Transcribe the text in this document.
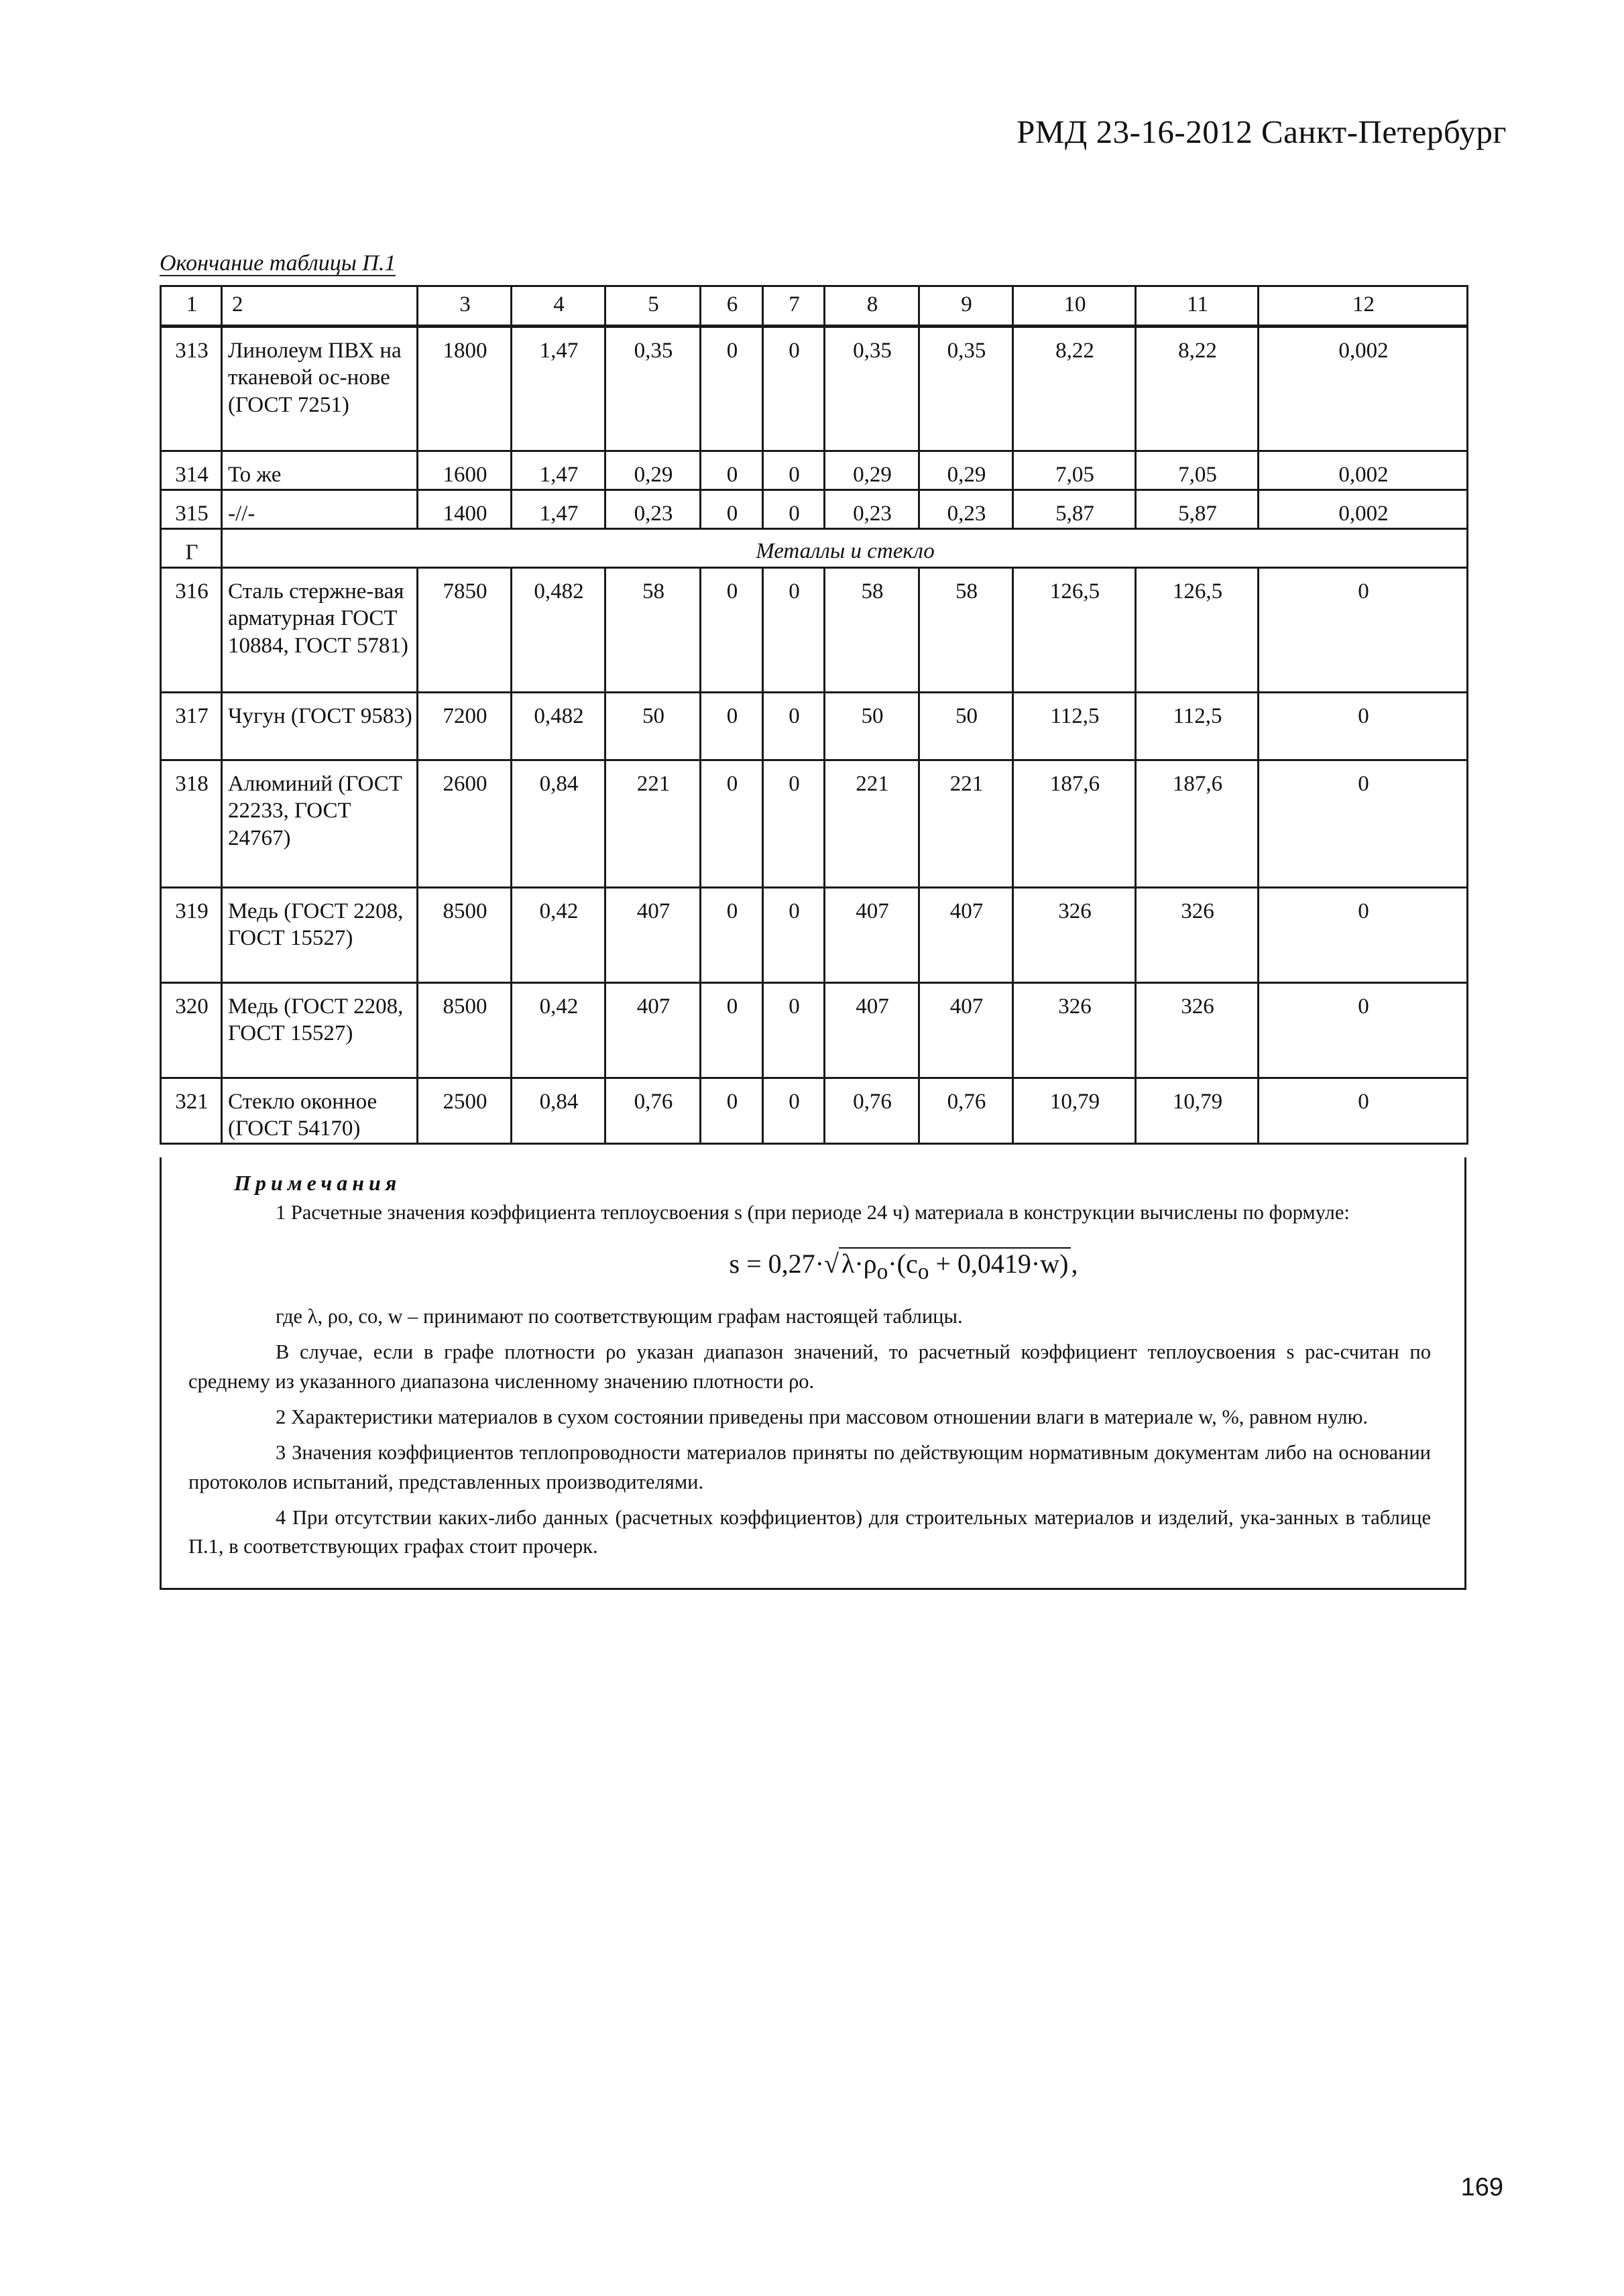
РМД 23-16-2012 Санкт-Петербург
Окончание таблицы П.1
1	2	3	4	5	6	7	8	9	10	11	12
313	Линолеум ПВХ на тканевой ос-нове (ГОСТ 7251)	1800	1,47	0,35	0	0	0,35	0,35	8,22	8,22	0,002
314	То же	1600	1,47	0,29	0	0	0,29	0,29	7,05	7,05	0,002
315	-//-	1400	1,47	0,23	0	0	0,23	0,23	5,87	5,87	0,002
Г	Металлы и стекло										
316	Сталь стержне-вая арматурная ГОСТ 10884, ГОСТ 5781)	7850	0,482	58	0	0	58	58	126,5	126,5	0
317	Чугун (ГОСТ 9583)	7200	0,482	50	0	0	50	50	112,5	112,5	0
318	Алюминий (ГОСТ 22233, ГОСТ 24767)	2600	0,84	221	0	0	221	221	187,6	187,6	0
319	Медь (ГОСТ 2208, ГОСТ 15527)	8500	0,42	407	0	0	407	407	326	326	0
320	Медь (ГОСТ 2208, ГОСТ 15527)	8500	0,42	407	0	0	407	407	326	326	0
321	Стекло оконное (ГОСТ 54170)	2500	0,84	0,76	0	0	0,76	0,76	10,79	10,79	0
Примечания

1 Расчетные значения коэффициента теплоусвоения s (при периоде 24 ч) материала в конструкции вычислены по формуле:

s = 0,27·√ $\lambda\cdot\rho_o\cdot(c_o + 0,0419\cdot w)$ ,

где λ, ρо, со, w – принимают по соответствующим графам настоящей таблицы.

В случае, если в графе плотности ρо указан диапазон значений, то расчетный коэффициент теплоусвоения s рас-считан по среднему из указанного диапазона численному значению плотности ρо.

2 Характеристики материалов в сухом состоянии приведены при массовом отношении влаги в материале w, %, равном нулю.

3 Значения коэффициентов теплопроводности материалов приняты по действующим нормативным документам либо на основании протоколов испытаний, представленных производителями.

4 При отсутствии каких-либо данных (расчетных коэффициентов) для строительных материалов и изделий, ука-занных в таблице П.1, в соответствующих графах стоит прочерк.

169
